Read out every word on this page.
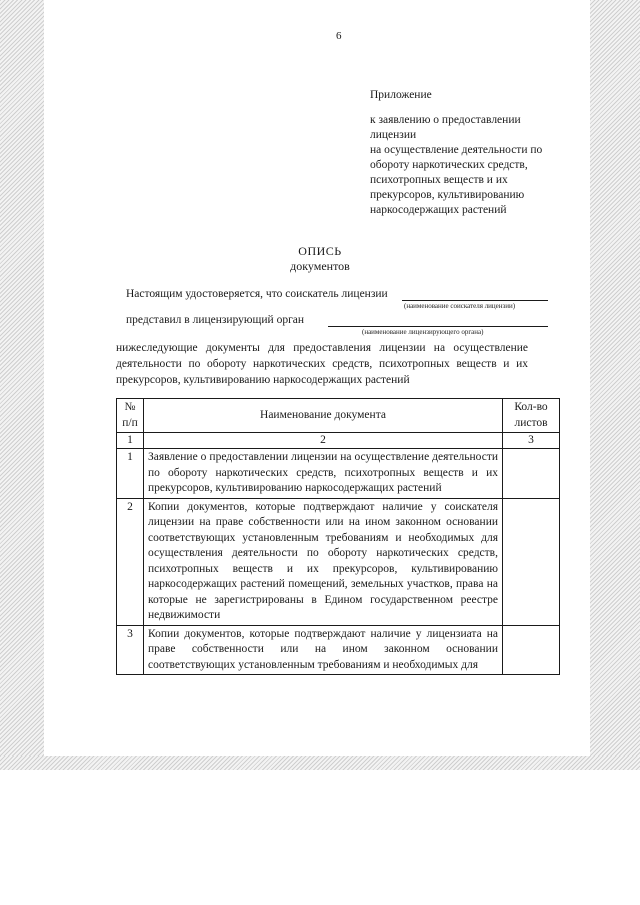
6
Приложение
к заявлению о предоставлении
лицензии
на осуществление деятельности по
обороту наркотических средств,
психотропных веществ и их
прекурсоров, культивированию
наркосодержащих растений
ОПИСЬ
документов
Настоящим удостоверяется, что соискатель лицензии
(наименование соискателя лицензии)
представил в лицензирующий орган
(наименование лицензирующего органа)
нижеследующие документы для предоставления лицензии на осуществление деятельности по обороту наркотических средств, психотропных веществ и их прекурсоров, культивированию наркосодержащих растений
№ п/п	Наименование документа	Кол-во листов
1	2	3
1	Заявление о предоставлении лицензии на осуществление деятельности по обороту наркотических средств, психотропных веществ и их прекурсоров, культивированию наркосодержащих растений	
2	Копии документов, которые подтверждают наличие у соискателя лицензии на праве собственности или на ином законном основании соответствующих установленным требованиям и необходимых для осуществления деятельности по обороту наркотических средств, психотропных веществ и их прекурсоров, культивированию наркосодержащих растений помещений, земельных участков, права на которые не зарегистрированы в Едином государственном реестре недвижимости	
3	Копии документов, которые подтверждают наличие у лицензиата на праве собственности или на ином законном основании соответствующих установленным требованиям и необходимых для	
